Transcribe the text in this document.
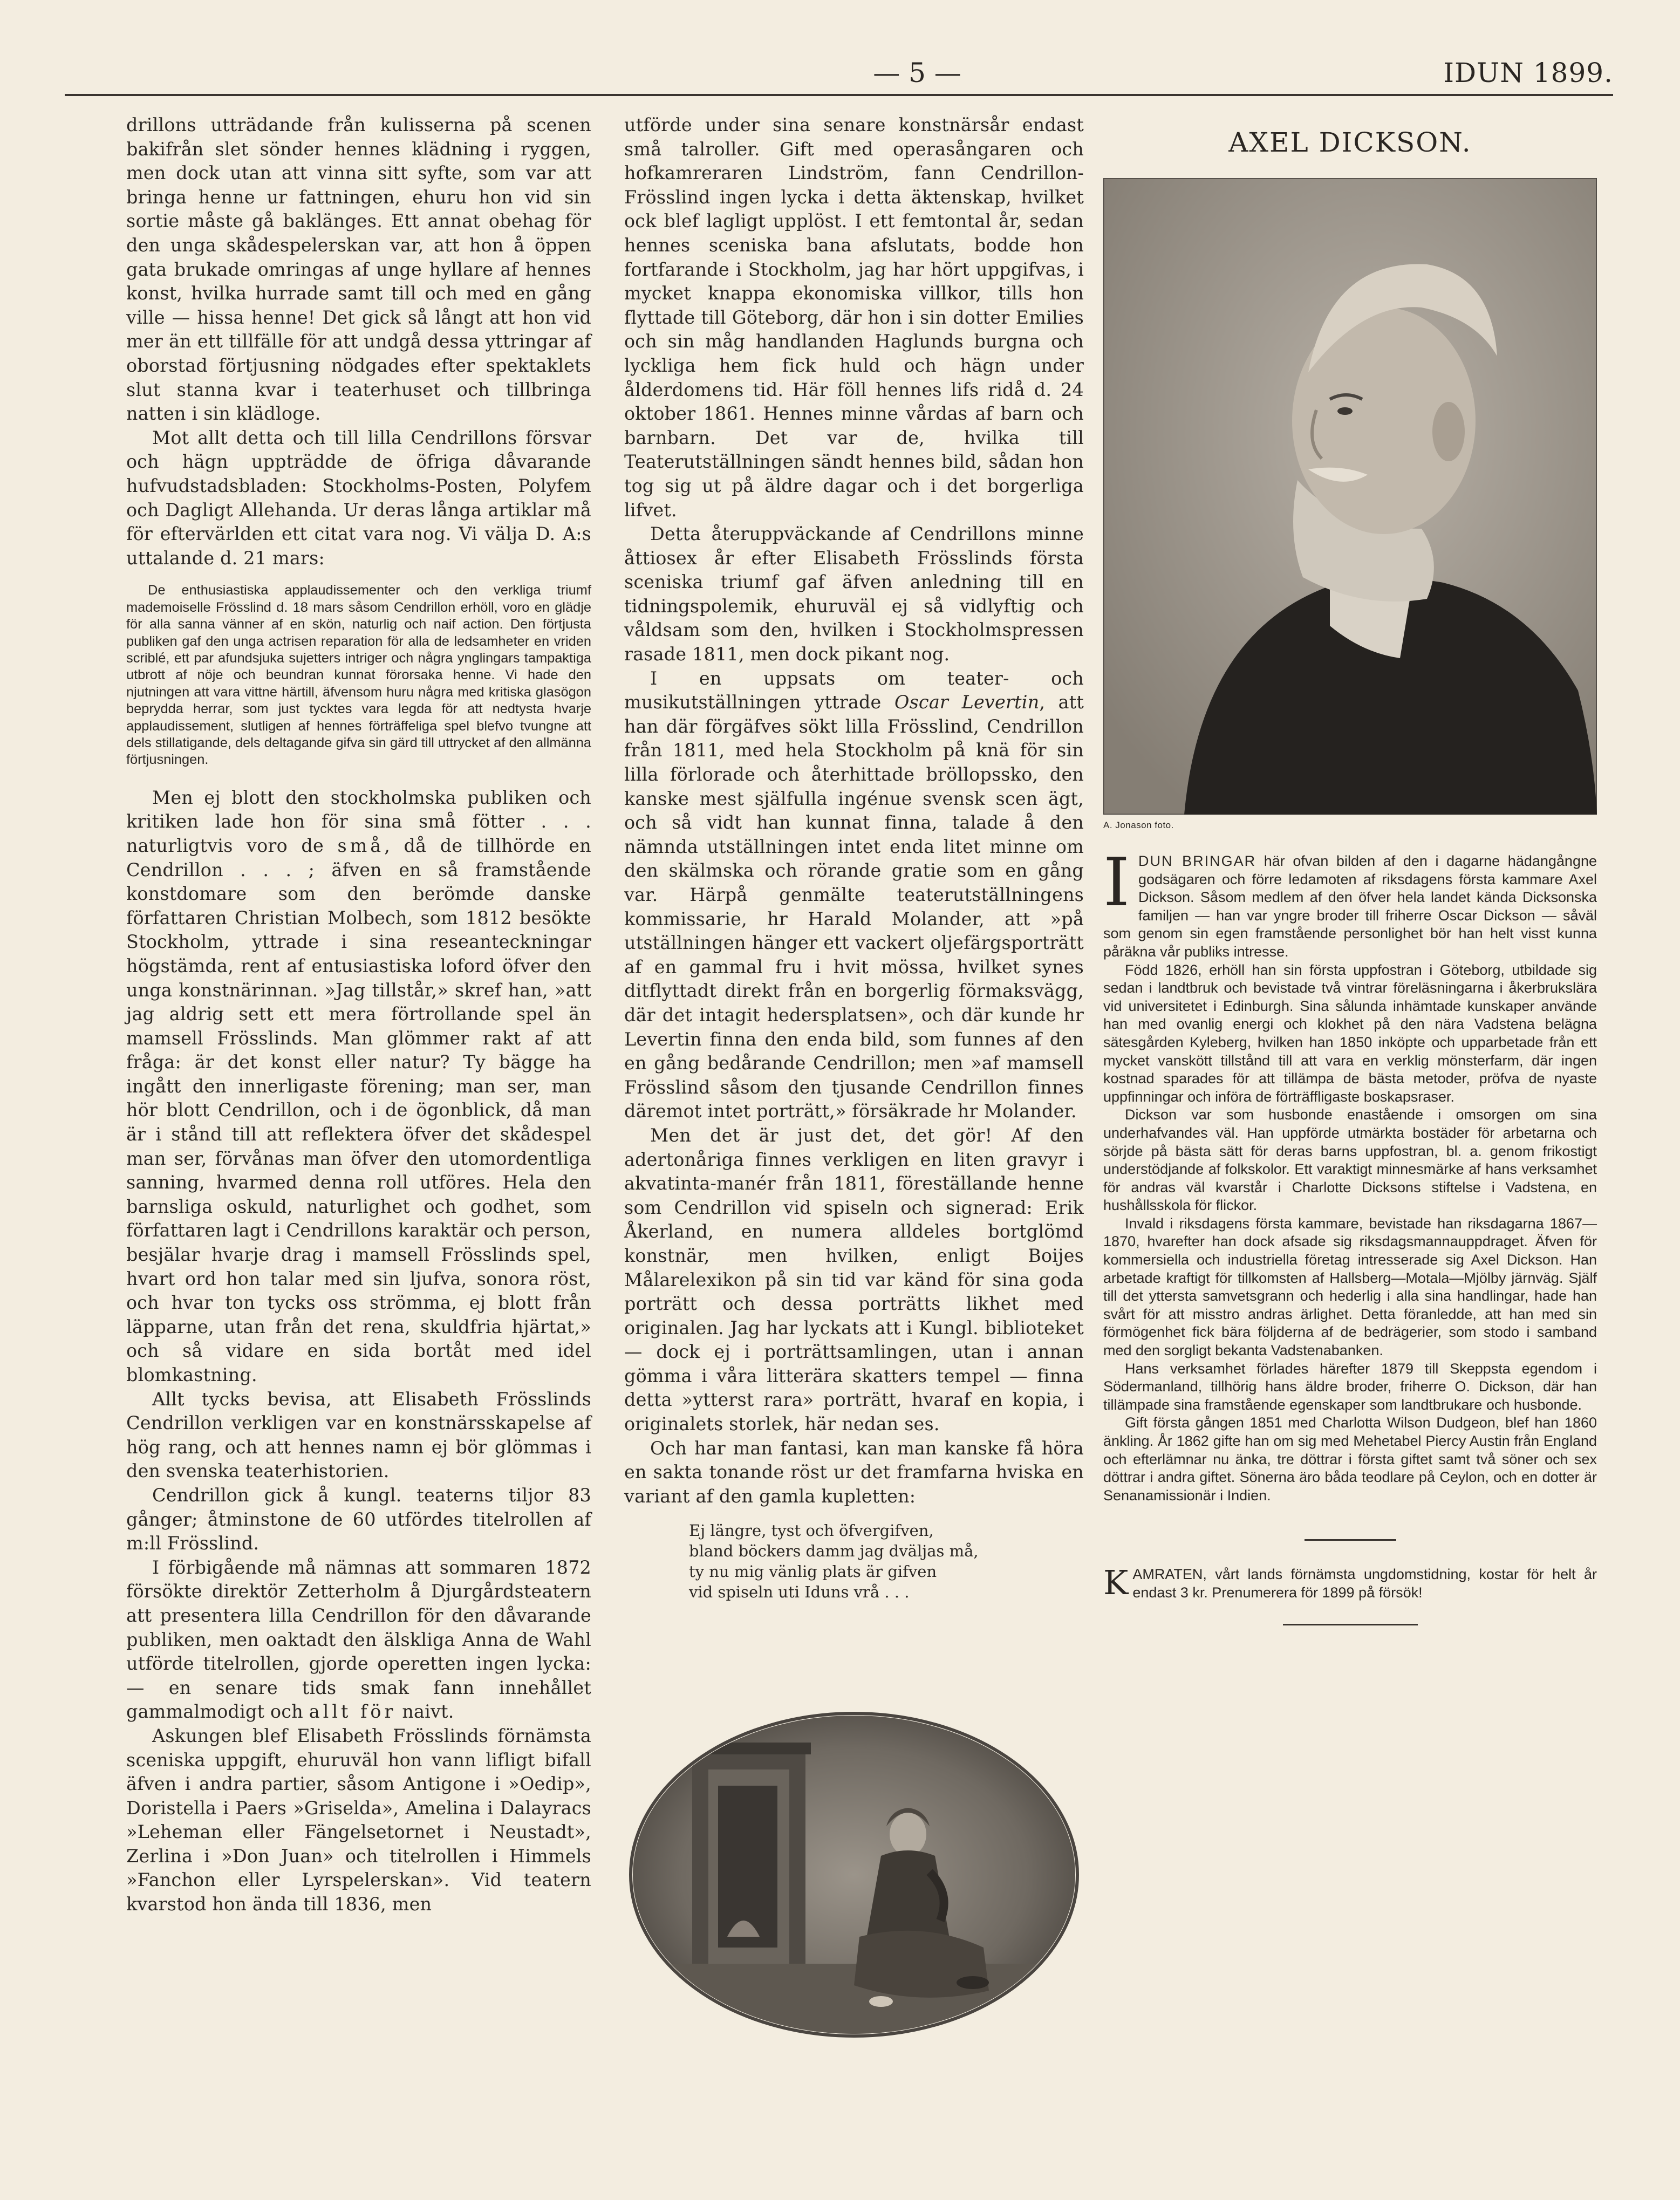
— 5 —	IDUN 1899.

drillons utträdande från kulisserna på scenen bakifrån slet sönder hennes klädning i ryggen, men dock utan att vinna sitt syfte, som var att bringa henne ur fattningen, ehuru hon vid sin sortie måste gå baklänges. Ett annat obehag för den unga skådespelerskan var, att hon å öppen gata brukade omringas af unge hyllare af hennes konst, hvilka hurrade samt till och med en gång ville — hissa henne! Det gick så långt att hon vid mer än ett tillfälle för att undgå dessa yttringar af oborstad förtjusning nödgades efter spektaklets slut stanna kvar i teaterhuset och tillbringa natten i sin klädloge.

Mot allt detta och till lilla Cendrillons försvar och hägn uppträdde de öfriga dåvarande hufvudstadsbladen: Stockholms-Posten, Polyfem och Dagligt Allehanda. Ur deras långa artiklar må för eftervärlden ett citat vara nog. Vi välja D. A:s uttalande d. 21 mars:

De enthusiastiska applaudissementer och den verkliga triumf mademoiselle Frösslind d. 18 mars såsom Cendrillon erhöll, voro en glädje för alla sanna vänner af en skön, naturlig och naif action. Den förtjusta publiken gaf den unga actrisen reparation för alla de ledsamheter en vriden scriblé, ett par afundsjuka sujetters intriger och några ynglingars tampaktiga utbrott af nöje och beundran kunnat förorsaka henne. Vi hade den njutningen att vara vittne härtill, äfvensom huru några med kritiska glasögon beprydda herrar, som just tycktes vara legda för att nedtysta hvarje applaudissement, slutligen af hennes förträffeliga spel blefvo tvungne att dels stillatigande, dels deltagande gifva sin gärd till uttrycket af den allmänna förtjusningen.

Men ej blott den stockholmska publiken och kritiken lade hon för sina små fötter . . . naturligtvis voro de små, då de tillhörde en Cendrillon . . . ; äfven en så framstående konstdomare som den berömde danske författaren Christian Molbech, som 1812 besökte Stockholm, yttrade i sina reseanteckningar högstämda, rent af entusiastiska loford öfver den unga konstnärinnan. »Jag tillstår,» skref han, »att jag aldrig sett ett mera förtrollande spel än mamsell Frösslinds. Man glömmer rakt af att fråga: är det konst eller natur? Ty bägge ha ingått den innerligaste förening; man ser, man hör blott Cendrillon, och i de ögonblick, då man är i stånd till att reflektera öfver det skådespel man ser, förvånas man öfver den utomordentliga sanning, hvarmed denna roll utföres. Hela den barnsliga oskuld, naturlighet och godhet, som författaren lagt i Cendrillons karaktär och person, besjälar hvarje drag i mamsell Frösslinds spel, hvart ord hon talar med sin ljufva, sonora röst, och hvar ton tycks oss strömma, ej blott från läpparne, utan från det rena, skuldfria hjärtat,» och så vidare en sida bortåt med idel blomkastning.

Allt tycks bevisa, att Elisabeth Frösslinds Cendrillon verkligen var en konstnärsskapelse af hög rang, och att hennes namn ej bör glömmas i den svenska teaterhistorien.

Cendrillon gick å kungl. teaterns tiljor 83 gånger; åtminstone de 60 utfördes titelrollen af m:ll Frösslind.

I förbigående må nämnas att sommaren 1872 försökte direktör Zetterholm å Djurgårdsteatern att presentera lilla Cendrillon för den dåvarande publiken, men oaktadt den älskliga Anna de Wahl utförde titelrollen, gjorde operetten ingen lycka: — en senare tids smak fann innehållet gammalmodigt och allt för naivt.

Askungen blef Elisabeth Frösslinds förnämsta sceniska uppgift, ehuruväl hon vann lifligt bifall äfven i andra partier, såsom Antigone i »Oedip», Doristella i Paers »Griselda», Amelina i Dalayracs »Leheman eller Fängelsetornet i Neustadt», Zerlina i »Don Juan» och titelrollen i Himmels »Fanchon eller Lyrspelerskan». Vid teatern kvarstod hon ända till 1836, men

utförde under sina senare konstnärsår endast små talroller. Gift med operasångaren och hofkamreraren Lindström, fann Cendrillon-Frösslind ingen lycka i detta äktenskap, hvilket ock blef lagligt upplöst. I ett femtontal år, sedan hennes sceniska bana afslutats, bodde hon fortfarande i Stockholm, jag har hört uppgifvas, i mycket knappa ekonomiska villkor, tills hon flyttade till Göteborg, där hon i sin dotter Emilies och sin måg handlanden Haglunds burgna och lyckliga hem fick huld och hägn under ålderdomens tid. Här föll hennes lifs ridå d. 24 oktober 1861. Hennes minne vårdas af barn och barnbarn. Det var de, hvilka till Teaterutställningen sändt hennes bild, sådan hon tog sig ut på äldre dagar och i det borgerliga lifvet.

Detta återuppväckande af Cendrillons minne åttiosex år efter Elisabeth Frösslinds första sceniska triumf gaf äfven anledning till en tidningspolemik, ehuruväl ej så vidlyftig och våldsam som den, hvilken i Stockholmspressen rasade 1811, men dock pikant nog.

I en uppsats om teater- och musikutställningen yttrade Oscar Levertin, att han där förgäfves sökt lilla Frösslind, Cendrillon från 1811, med hela Stockholm på knä för sin lilla förlorade och återhittade bröllopssko, den kanske mest själfulla ingénue svensk scen ägt, och så vidt han kunnat finna, talade å den nämnda utställningen intet enda litet minne om den skälmska och rörande gratie som en gång var. Härpå genmälte teaterutställningens kommissarie, hr Harald Molander, att »på utställningen hänger ett vackert oljefärgsporträtt af en gammal fru i hvit mössa, hvilket synes ditflyttadt direkt från en borgerlig förmaksvägg, där det intagit hedersplatsen», och där kunde hr Levertin finna den enda bild, som funnes af den en gång bedårande Cendrillon; men »af mamsell Frösslind såsom den tjusande Cendrillon finnes däremot intet porträtt,» försäkrade hr Molander.

Men det är just det, det gör! Af den adertonåriga finnes verkligen en liten gravyr i akvatinta-manér från 1811, föreställande henne som Cendrillon vid spiseln och signerad: Erik Åkerland, en numera alldeles bortglömd konstnär, men hvilken, enligt Boijes Målarelexikon på sin tid var känd för sina goda porträtt och dessa porträtts likhet med originalen. Jag har lyckats att i Kungl. biblioteket — dock ej i porträttsamlingen, utan i annan gömma i våra litterära skatters tempel — finna detta »ytterst rara» porträtt, hvaraf en kopia, i originalets storlek, här nedan ses.

Och har man fantasi, kan man kanske få höra en sakta tonande röst ur det framfarna hviska en variant af den gamla kupletten:

Ej längre, tyst och öfvergifven,

bland böckers damm jag dväljas må,

ty nu mig vänlig plats är gifven

vid spiseln uti Iduns vrå . . .

AXEL DICKSON.
A. Jonason foto.

IDUN BRINGAR här ofvan bilden af den i dagarne hädangångne godsägaren och förre ledamoten af riksdagens första kammare Axel Dickson. Såsom medlem af den öfver hela landet kända Dicksonska familjen — han var yngre broder till friherre Oscar Dickson — såväl som genom sin egen framstående personlighet bör han helt visst kunna påräkna vår publiks intresse.

Född 1826, erhöll han sin första uppfostran i Göteborg, utbildade sig sedan i landtbruk och bevistade två vintrar föreläsningarna i åkerbrukslära vid universitetet i Edinburgh. Sina sålunda inhämtade kunskaper använde han med ovanlig energi och klokhet på den nära Vadstena belägna sätesgården Kyleberg, hvilken han 1850 inköpte och upparbetade från ett mycket vanskött tillstånd till att vara en verklig mönsterfarm, där ingen kostnad sparades för att tillämpa de bästa metoder, pröfva de nyaste uppfinningar och införa de förträffligaste boskapsraser.

Dickson var som husbonde enastående i omsorgen om sina underhafvandes väl. Han uppförde utmärkta bostäder för arbetarna och sörjde på bästa sätt för deras barns uppfostran, bl. a. genom frikostigt understödjande af folkskolor. Ett varaktigt minnesmärke af hans verksamhet för andras väl kvarstår i Charlotte Dicksons stiftelse i Vadstena, en hushållsskola för flickor.

Invald i riksdagens första kammare, bevistade han riksdagarna 1867—1870, hvarefter han dock afsade sig riksdagsmannauppdraget. Äfven för kommersiella och industriella företag intresserade sig Axel Dickson. Han arbetade kraftigt för tillkomsten af Hallsberg—Motala—Mjölby järnväg. Själf till det yttersta samvetsgrann och hederlig i alla sina handlingar, hade han svårt för att misstro andras ärlighet. Detta föranledde, att han med sin förmögenhet fick bära följderna af de bedrägerier, som stodo i samband med den sorgligt bekanta Vadstenabanken.

Hans verksamhet förlades härefter 1879 till Skeppsta egendom i Södermanland, tillhörig hans äldre broder, friherre O. Dickson, där han tillämpade sina framstående egenskaper som landtbrukare och husbonde.

Gift första gången 1851 med Charlotta Wilson Dudgeon, blef han 1860 änkling. År 1862 gifte han om sig med Mehetabel Piercy Austin från England och efterlämnar nu änka, tre döttrar i första giftet samt två söner och sex döttrar i andra giftet. Sönerna äro båda teodlare på Ceylon, och en dotter är Senanamissionär i Indien.

KAMRATEN, vårt lands förnämsta ungdomstidning, kostar för helt år endast 3 kr. Prenumerera för 1899 på försök!
